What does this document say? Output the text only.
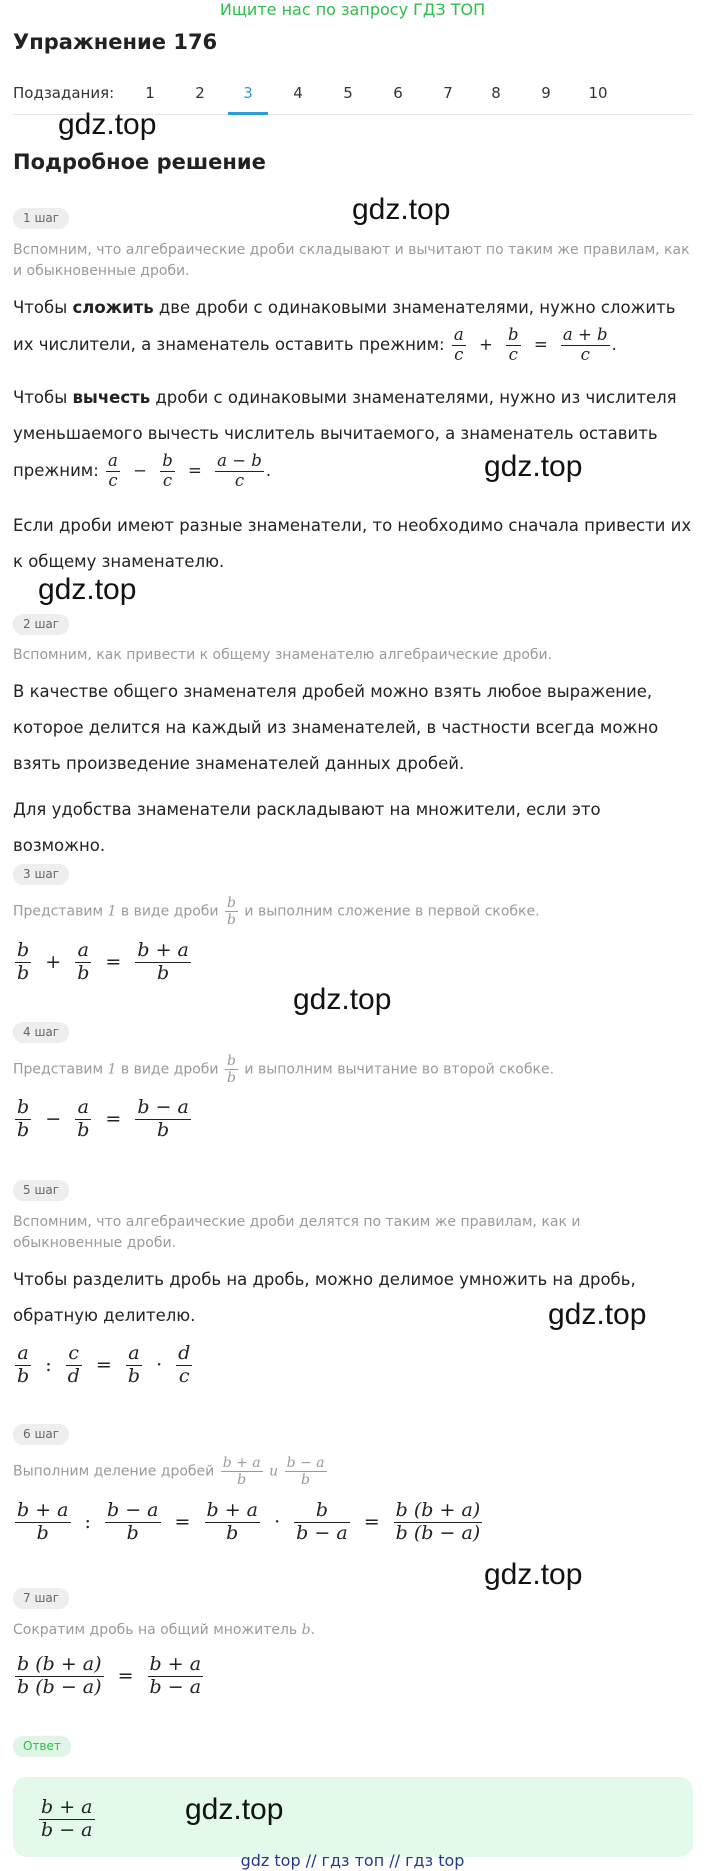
Ищите нас по запросу ГДЗ ТОП
Упражнение 176
Подзадания:	1	2	3	4	5	6	7	8	9	10
gdz.top
Подробное решение
1 шаг	gdz.top
Вспомним, что алгебраические дроби складывают и вычитают по таким же правилам, как и обыкновенные дроби.
Чтобы сложить две дроби с одинаковыми знаменателями, нужно сложить их числители, а знаменатель оставить прежним: $\frac{a}{c} + \frac{b}{c} = \frac{a + b}{c}$ .
Чтобы вычесть дроби с одинаковыми знаменателями, нужно из числителя уменьшаемого вычесть числитель вычитаемого, а знаменатель оставить прежним: $\frac{a}{c} - \frac{b}{c} = \frac{a - b}{c}$ .	gdz.top
Если дроби имеют разные знаменатели, то необходимо сначала привести их к общему знаменателю.
gdz.top
2 шаг
Вспомним, как привести к общему знаменателю алгебраические дроби.
В качестве общего знаменателя дробей можно взять любое выражение, которое делится на каждый из знаменателей, в частности всегда можно взять произведение знаменателей данных дробей.
Для удобства знаменатели раскладывают на множители, если это возможно.
3 шаг
Представим 1 в виде дроби $\frac{b}{b}$ и выполним сложение в первой скобке.
$\frac{b}{b} + \frac{a}{b} = \frac{b + a}{b}$
gdz.top
4 шаг
Представим 1 в виде дроби $\frac{b}{b}$ и выполним вычитание во второй скобке.
$\frac{b}{b} - \frac{a}{b} = \frac{b - a}{b}$
5 шаг
Вспомним, что алгебраические дроби делятся по таким же правилам, как и обыкновенные дроби.
Чтобы разделить дробь на дробь, можно делимое умножить на дробь, обратную делителю.	gdz.top
$\frac{a}{b}$ : $\frac{c}{d} = \frac{a}{b} \cdot \frac{d}{c}$
6 шаг
Выполним деление дробей $\frac{b + a}{b}$ и $\frac{b - a}{b}$
$\frac{b + a}{b}$ : $\frac{b - a}{b} = \frac{b + a}{b} \cdot \frac{b}{b - a} = \frac{b (b + a)}{b (b - a)}$
gdz.top
7 шаг
Сократим дробь на общий множитель b.
$\frac{b (b + a)}{b (b - a)} = \frac{b + a}{b - a}$
Ответ
$\frac{b + a}{b - a}$	gdz.top
gdz top // гдз топ // гдз top
